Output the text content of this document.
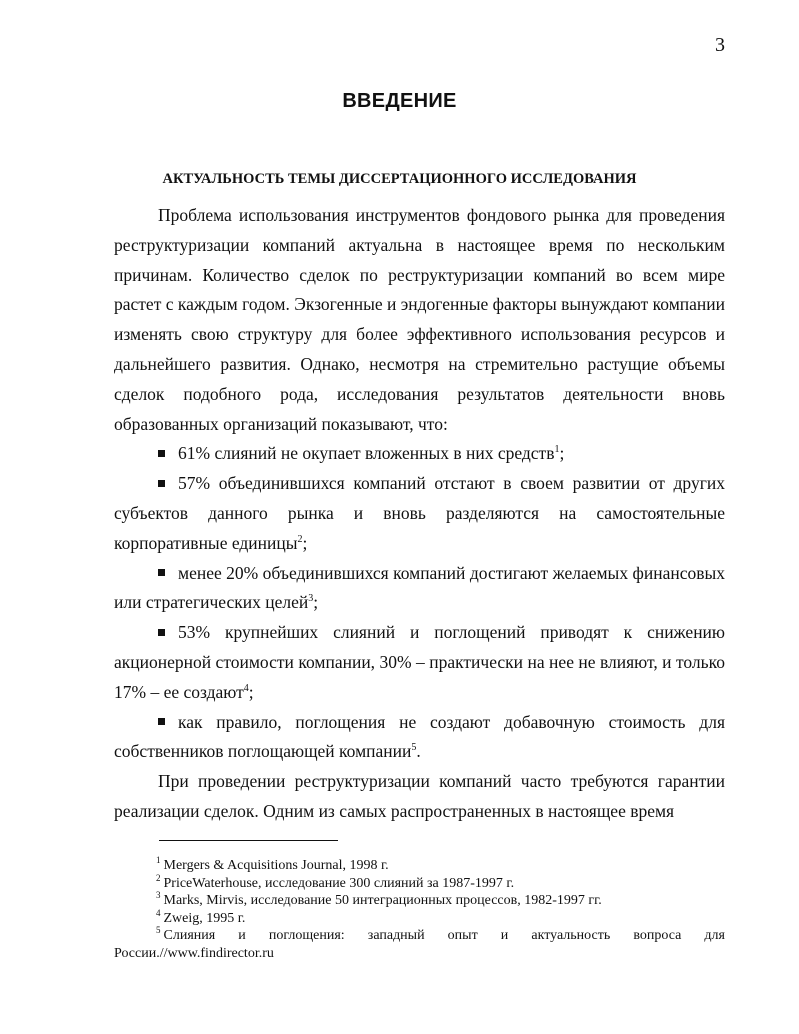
3
ВВЕДЕНИЕ
АКТУАЛЬНОСТЬ ТЕМЫ ДИССЕРТАЦИОННОГО ИССЛЕДОВАНИЯ

Проблема использования инструментов фондового рынка для проведения реструктуризации компаний актуальна в настоящее время по нескольким причинам. Количество сделок по реструктуризации компаний во всем мире растет с каждым годом. Экзогенные и эндогенные факторы вынуждают компании изменять свою структуру для более эффективного использования ресурсов и дальнейшего развития. Однако, несмотря на стремительно растущие объемы сделок подобного рода, исследования результатов деятельности вновь образованных организаций показывают, что:

61% слияний не окупает вложенных в них средств$^1$;

57% объединившихся компаний отстают в своем развитии от других субъектов данного рынка и вновь разделяются на самостоятельные корпоративные единицы$^2$;

менее 20% объединившихся компаний достигают желаемых финансовых или стратегических целей$^3$;

53% крупнейших слияний и поглощений приводят к снижению акционерной стоимости компании, 30% – практически на нее не влияют, и только 17% – ее создают$^4$;

как правило, поглощения не создают добавочную стоимость для собственников поглощающей компании$^5$.

При проведении реструктуризации компаний часто требуются гарантии реализации сделок. Одним из самых распространенных в настоящее время

$^1$ Mergers & Acquisitions Journal, 1998 г.

$^2$ PriceWaterhouse, исследование 300 слияний за 1987-1997 г.

$^3$ Marks, Mirvis, исследование 50 интеграционных процессов, 1982-1997 гг.

$^4$ Zweig, 1995 г.

$^5$ Слияния и поглощения: западный опыт и актуальность вопроса для

России.//www.findirector.ru
